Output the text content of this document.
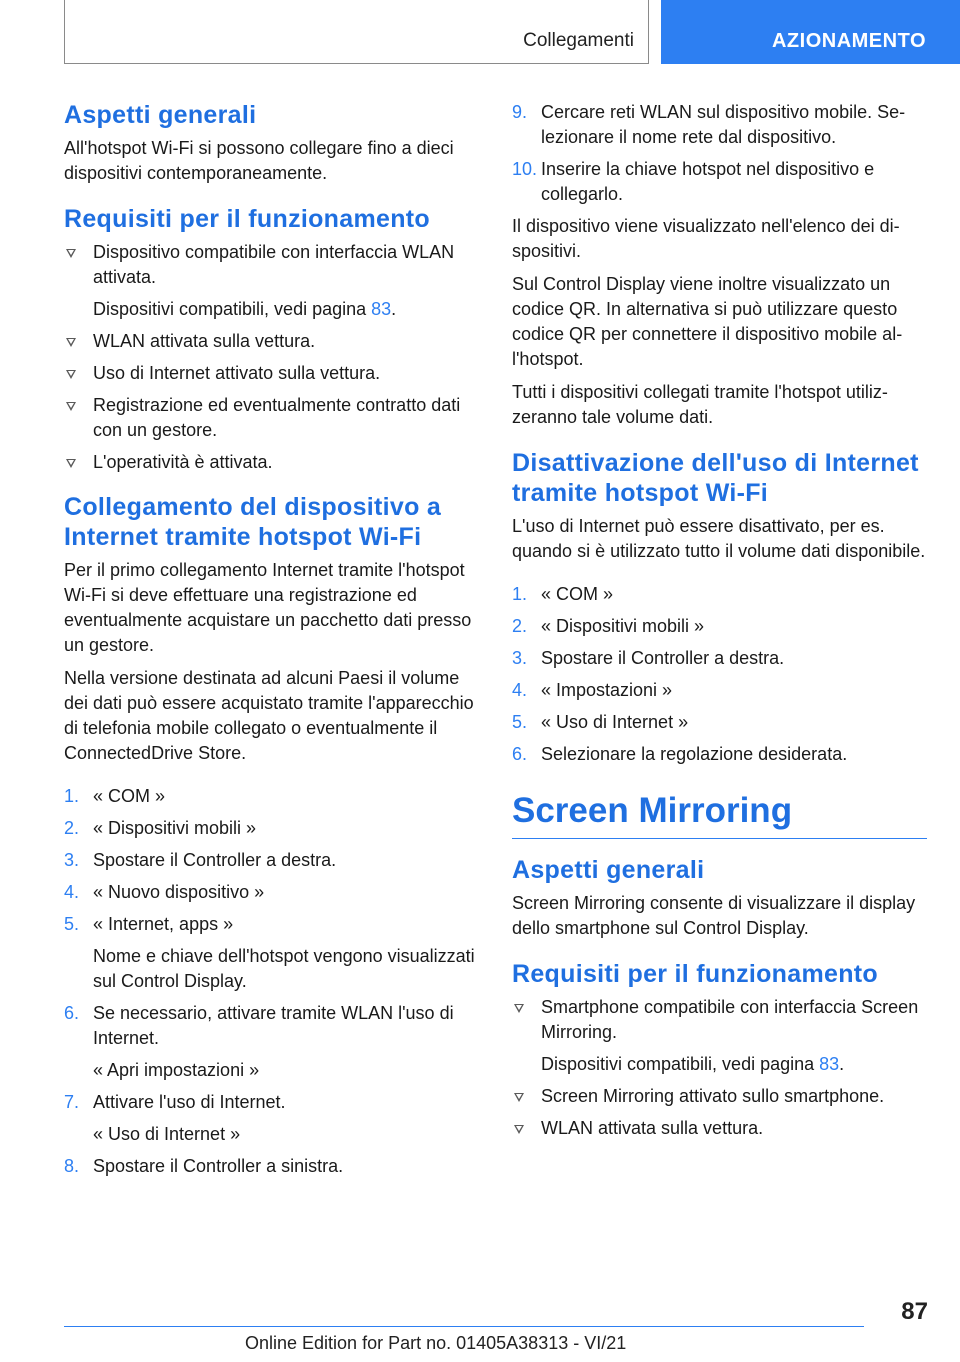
Collegamenti	AZIONAMENTO
Aspetti generali

All'hotspot Wi-Fi si possono collegare fino a dieci dispositivi contemporaneamente.

Requisiti per il funzionamento
Dispositivo compatibile con interfaccia WLAN attivata.
Dispositivi compatibili, vedi pagina 83.
WLAN attivata sulla vettura.
Uso di Internet attivato sulla vettura.
Registrazione ed eventualmente contratto dati con un gestore.
L'operatività è attivata.
Collegamento del dispositivo a Internet tramite hotspot Wi-Fi

Per il primo collegamento Internet tramite l'hotspot Wi-Fi si deve effettuare una registrazione ed eventualmente acquistare un pacchetto dati presso un gestore.

Nella versione destinata ad alcuni Paesi il volume dei dati può essere acquistato tramite l'apparecchio di telefonia mobile collegato o eventualmente il ConnectedDrive Store.

1. « COM »
2. « Dispositivi mobili »
3. Spostare il Controller a destra.
4. « Nuovo dispositivo »
5. « Internet, apps »
Nome e chiave dell'hotspot vengono visualizzati sul Control Display.
6. Se necessario, attivare tramite WLAN l'uso di Internet.
« Apri impostazioni »
7. Attivare l'uso di Internet.
« Uso di Internet »
8. Spostare il Controller a sinistra.
9. Cercare reti WLAN sul dispositivo mobile. Selezionare il nome rete dal dispositivo.
10. Inserire la chiave hotspot nel dispositivo e collegarlo.

Il dispositivo viene visualizzato nell'elenco dei dispositivi.

Sul Control Display viene inoltre visualizzato un codice QR. In alternativa si può utilizzare questo codice QR per connettere il dispositivo mobile all'hotspot.

Tutti i dispositivi collegati tramite l'hotspot utilizzeranno tale volume dati.

Disattivazione dell'uso di Internet tramite hotspot Wi-Fi

L'uso di Internet può essere disattivato, per es. quando si è utilizzato tutto il volume dati disponibile.

1. « COM »
2. « Dispositivi mobili »
3. Spostare il Controller a destra.
4. « Impostazioni »
5. « Uso di Internet »
6. Selezionare la regolazione desiderata.
Screen Mirroring
Aspetti generali

Screen Mirroring consente di visualizzare il display dello smartphone sul Control Display.

Requisiti per il funzionamento
Smartphone compatibile con interfaccia Screen Mirroring.
Dispositivi compatibili, vedi pagina 83.
Screen Mirroring attivato sullo smartphone.
WLAN attivata sulla vettura.
87
Online Edition for Part no. 01405A38313 - VI/21
